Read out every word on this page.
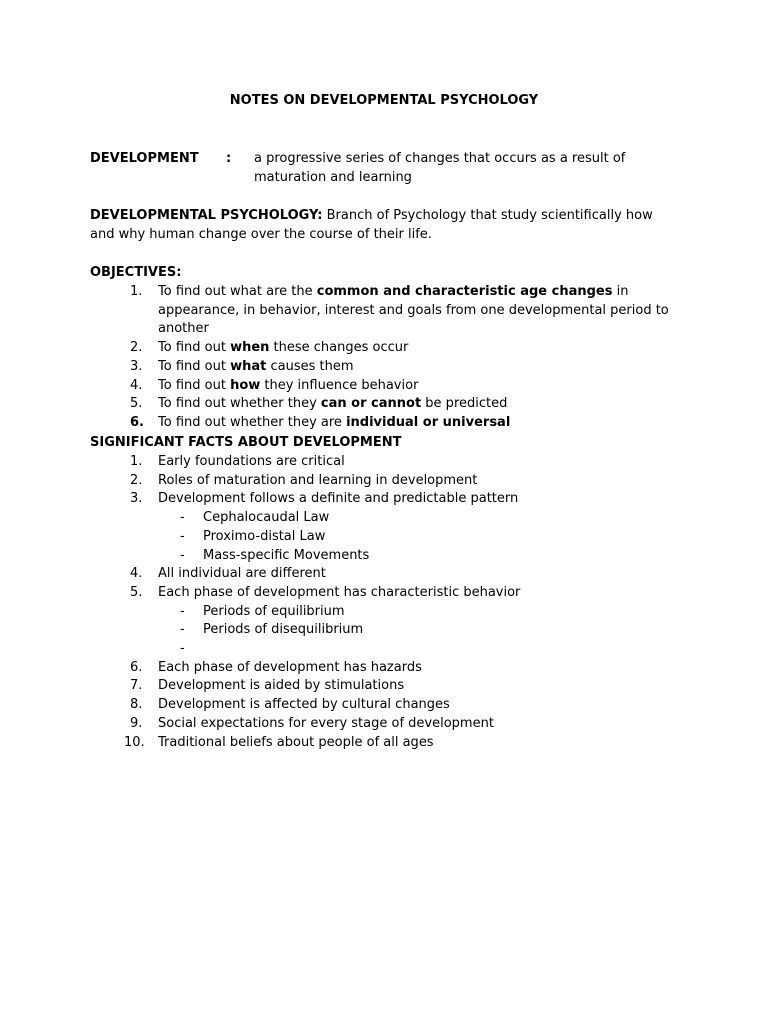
NOTES ON DEVELOPMENTAL PSYCHOLOGY
DEVELOPMENT : a progressive series of changes that occurs as a result of maturation and learning
DEVELOPMENTAL PSYCHOLOGY: Branch of Psychology that study scientifically how and why human change over the course of their life.
OBJECTIVES:
1.	To find out what are the common and characteristic age changes in appearance, in behavior, interest and goals from one developmental period to another
2.	To find out when these changes occur
3.	To find out what causes them
4.	To find out how they influence behavior
5.	To find out whether they can or cannot be predicted
6.	To find out whether they are individual or universal
SIGNIFICANT FACTS ABOUT DEVELOPMENT
1.	Early foundations are critical
2.	Roles of maturation and learning in development
3.	Development follows a definite and predictable pattern
-	Cephalocaudal Law
-	Proximo-distal Law
-	Mass-specific Movements
4.	All individual are different
5.	Each phase of development has characteristic behavior
-	Periods of equilibrium
-	Periods of disequilibrium
-
6.	Each phase of development has hazards
7.	Development is aided by stimulations
8.	Development is affected by cultural changes
9.	Social expectations for every stage of development
10.	Traditional beliefs about people of all ages
